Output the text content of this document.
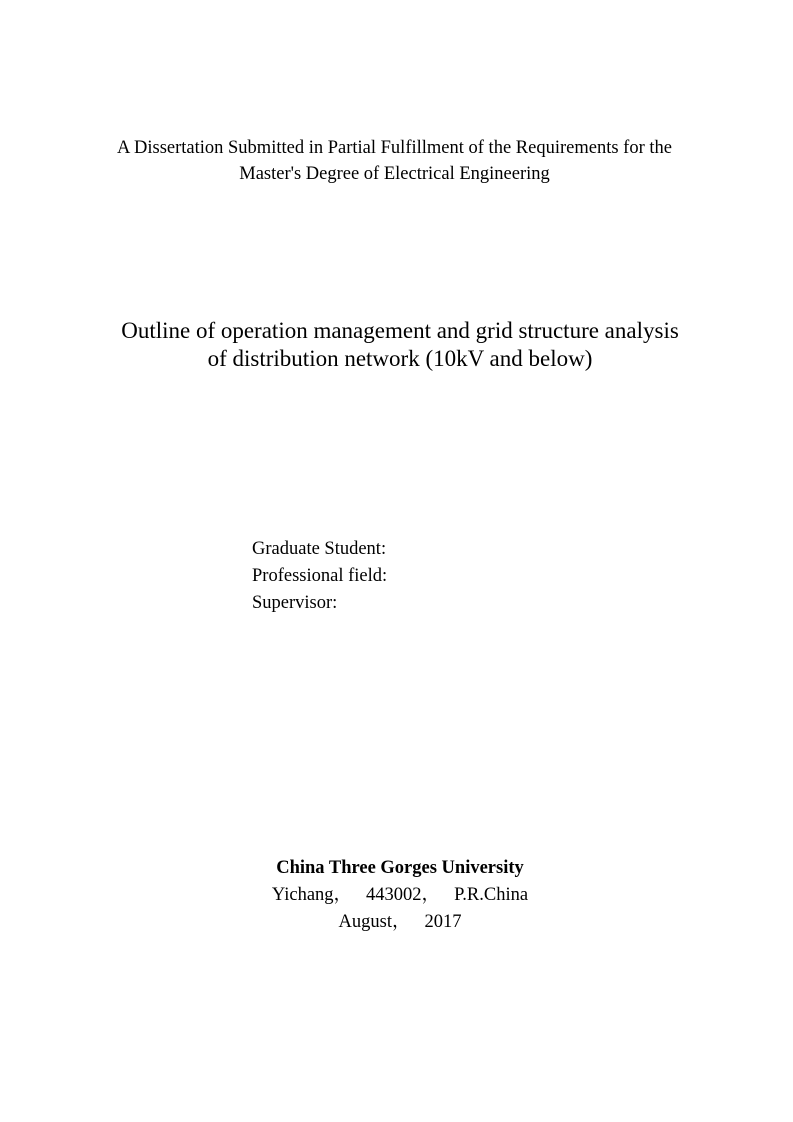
A Dissertation Submitted in Partial Fulfillment of the Requirements for the
Master's Degree of Electrical Engineering
Outline of operation management and grid structure analysis
of distribution network (10kV and below)
Graduate Student:
Professional field:
Supervisor:
China Three Gorges University
Yichang， 443002， P.R.China
August， 2017
